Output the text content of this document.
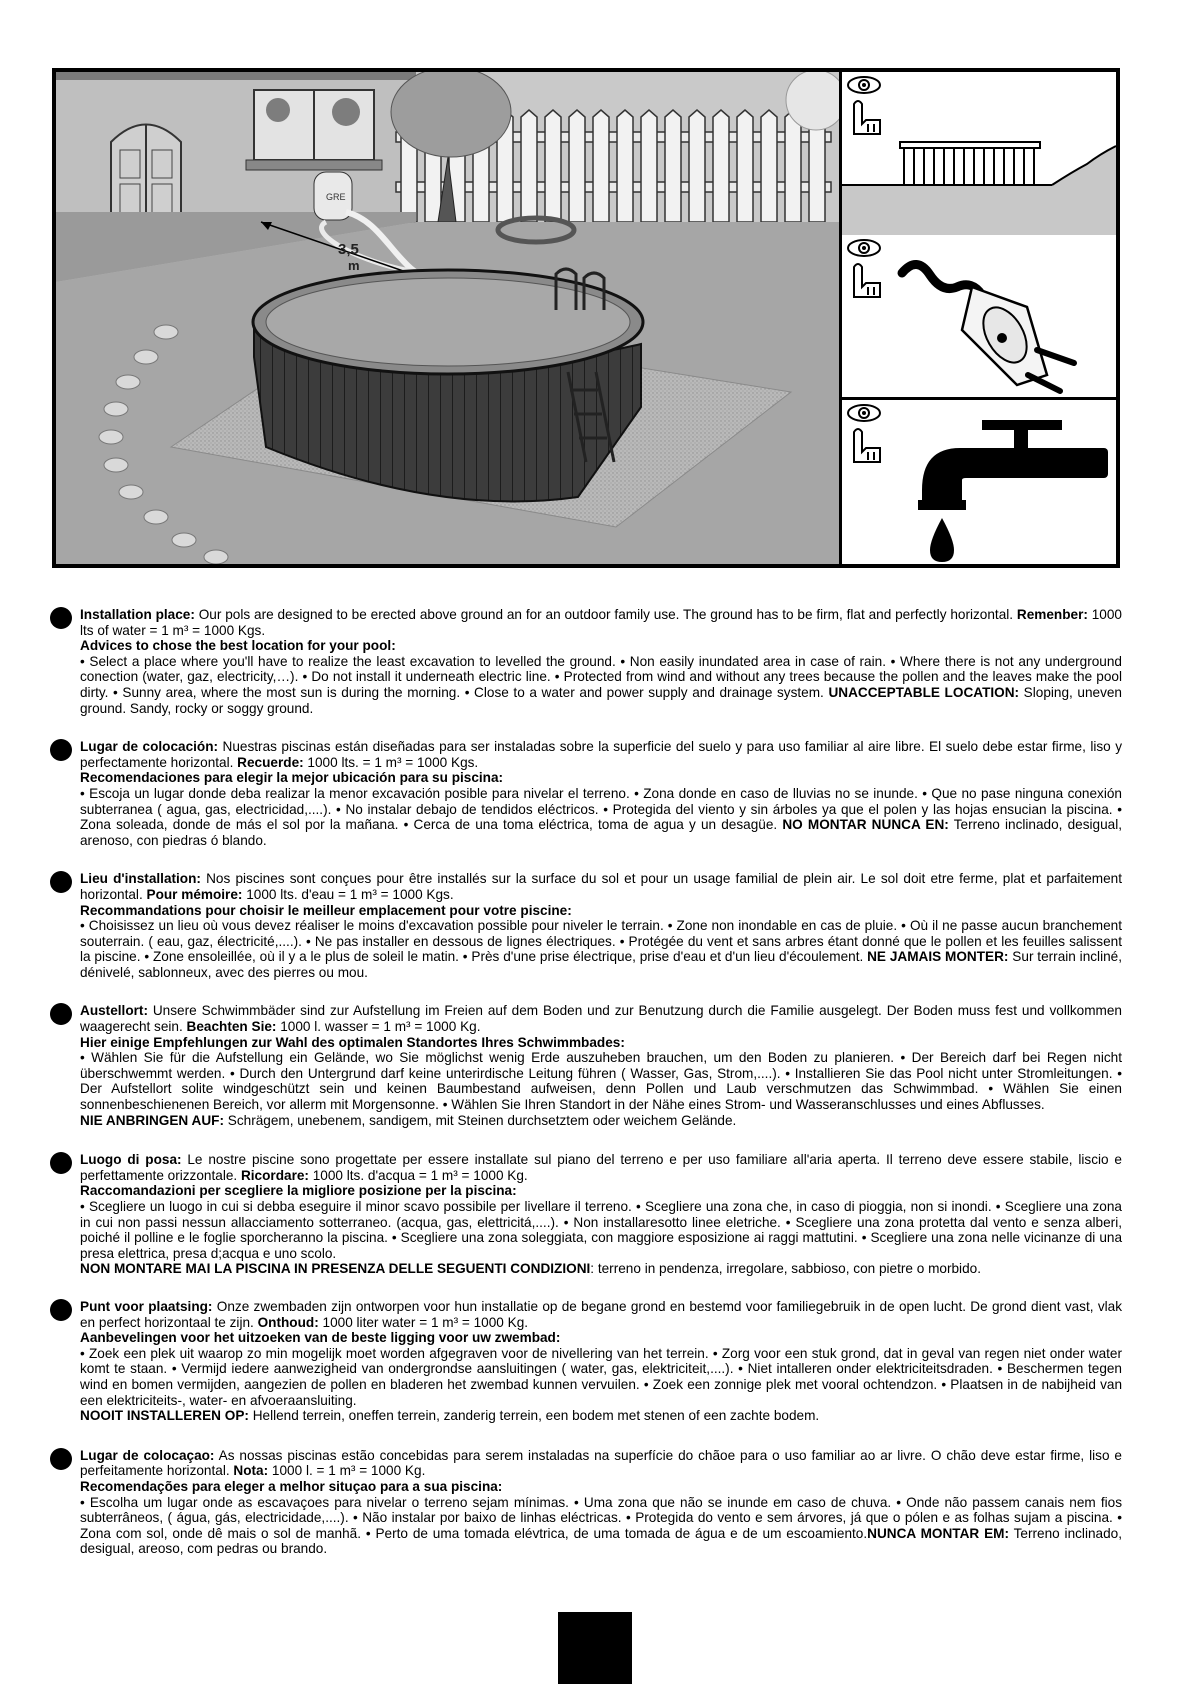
GRE
3,5
m

Installation place: Our pols are designed to be erected above ground an for an outdoor family use. The ground has to be firm, flat and perfectly horizontal. Remenber: 1000 lts of water = 1 m³ = 1000 Kgs.

Advices to chose the best location for your pool:

• Select a place where you'll have to realize the least excavation to levelled the ground. • Non easily inundated area in case of rain. • Where there is not any underground conection (water, gaz, electricity,…). • Do not install it underneath electric line. • Protected from wind and without any trees because the pollen and the leaves make the pool dirty. • Sunny area, where the most sun is during the morning. • Close to a water and power supply and drainage system. UNACCEPTABLE LOCATION: Sloping, uneven ground. Sandy, rocky or soggy ground.

Lugar de colocación: Nuestras piscinas están diseñadas para ser instaladas sobre la superficie del suelo y para uso familiar al aire libre. El suelo debe estar firme, liso y perfectamente horizontal. Recuerde: 1000 lts. = 1 m³ = 1000 Kgs.

Recomendaciones para elegir la mejor ubicación para su piscina:

• Escoja un lugar donde deba realizar la menor excavación posible para nivelar el terreno. • Zona donde en caso de lluvias no se inunde. • Que no pase ninguna conexión subterranea ( agua, gas, electricidad,....). • No instalar debajo de tendidos eléctricos. • Protegida del viento y sin árboles ya que el polen y las hojas ensucian la piscina. • Zona soleada, donde de más el sol por la mañana. • Cerca de una toma eléctrica, toma de agua y un desagüe. NO MONTAR NUNCA EN: Terreno inclinado, desigual, arenoso, con piedras ó blando.

Lieu d'installation: Nos piscines sont conçues pour être installés sur la surface du sol et pour un usage familial de plein air. Le sol doit etre ferme, plat et parfaitement horizontal. Pour mémoire: 1000 lts. d'eau = 1 m³ = 1000 Kgs.

Recommandations pour choisir le meilleur emplacement pour votre piscine:

• Choisissez un lieu où vous devez réaliser le moins d'excavation possible pour niveler le terrain. • Zone non inondable en cas de pluie. • Où il ne passe aucun branchement souterrain. ( eau, gaz, électricité,....). • Ne pas installer en dessous de lignes électriques. • Protégée du vent et sans arbres étant donné que le pollen et les feuilles salissent la piscine. • Zone ensoleillée, où il y a le plus de soleil le matin. • Près d'une prise électrique, prise d'eau et d'un lieu d'écoulement. NE JAMAIS MONTER: Sur terrain incliné, dénivelé, sablonneux, avec des pierres ou mou.

Austellort: Unsere Schwimmbäder sind zur Aufstellung im Freien auf dem Boden und zur Benutzung durch die Familie ausgelegt. Der Boden muss fest und vollkommen waagerecht sein. Beachten Sie: 1000 l. wasser = 1 m³ = 1000 Kg.

Hier einige Empfehlungen zur Wahl des optimalen Standortes Ihres Schwimmbades:

• Wählen Sie für die Aufstellung ein Gelände, wo Sie möglichst wenig Erde auszuheben brauchen, um den Boden zu planieren. • Der Bereich darf bei Regen nicht überschwemmt werden. • Durch den Untergrund darf keine unterirdische Leitung führen ( Wasser, Gas, Strom,....). • Installieren Sie das Pool nicht unter Stromleitungen. • Der Aufstellort solite windgeschützt sein und keinen Baumbestand aufweisen, denn Pollen und Laub verschmutzen das Schwimmbad. • Wählen Sie einen sonnenbeschienenen Bereich, vor allerm mit Morgensonne. • Wählen Sie Ihren Standort in der Nähe eines Strom- und Wasseranschlusses und eines Abflusses.

NIE ANBRINGEN AUF: Schrägem, unebenem, sandigem, mit Steinen durchsetztem oder weichem Gelände.

Luogo di posa: Le nostre piscine sono progettate per essere installate sul piano del terreno e per uso familiare all'aria aperta. Il terreno deve essere stabile, liscio e perfettamente orizzontale. Ricordare: 1000 lts. d'acqua = 1 m³ = 1000 Kg.

Raccomandazioni per scegliere la migliore posizione per la piscina:

• Scegliere un luogo in cui si debba eseguire il minor scavo possibile per livellare il terreno. • Scegliere una zona che, in caso di pioggia, non si inondi. • Scegliere una zona in cui non passi nessun allacciamento sotterraneo. (acqua, gas, elettricitá,....). • Non installaresotto linee eletriche. • Scegliere una zona protetta dal vento e senza alberi, poiché il polline e le foglie sporcheranno la piscina. • Scegliere una zona soleggiata, con maggiore esposizione ai raggi mattutini. • Scegliere una zona nelle vicinanze di una presa elettrica, presa d;acqua e uno scolo.

NON MONTARE MAI LA PISCINA IN PRESENZA DELLE SEGUENTI CONDIZIONI: terreno in pendenza, irregolare, sabbioso, con pietre o morbido.

Punt voor plaatsing: Onze zwembaden zijn ontworpen voor hun installatie op de begane grond en bestemd voor familiegebruik in de open lucht. De grond dient vast, vlak en perfect horizontaal te zijn. Onthoud: 1000 liter water = 1 m³ = 1000 Kg.

Aanbevelingen voor het uitzoeken van de beste ligging voor uw zwembad:

• Zoek een plek uit waarop zo min mogelijk moet worden afgegraven voor de nivellering van het terrein. • Zorg voor een stuk grond, dat in geval van regen niet onder water komt te staan. • Vermijd iedere aanwezigheid van ondergrondse aansluitingen ( water, gas, elektriciteit,....). • Niet intalleren onder elektriciteitsdraden. • Beschermen tegen wind en bomen vermijden, aangezien de pollen en bladeren het zwembad kunnen vervuilen. • Zoek een zonnige plek met vooral ochtendzon. • Plaatsen in de nabijheid van een elektriciteits-, water- en afvoeraansluiting.

NOOIT INSTALLEREN OP: Hellend terrein, oneffen terrein, zanderig terrein, een bodem met stenen of een zachte bodem.

Lugar de colocaçao: As nossas piscinas estão concebidas para serem instaladas na superfície do chãoe para o uso familiar ao ar livre. O chão deve estar firme, liso e perfeitamente horizontal. Nota: 1000 l. = 1 m³ = 1000 Kg.

Recomendações para eleger a melhor situçao para a sua piscina:

• Escolha um lugar onde as escavaçoes para nivelar o terreno sejam mínimas. • Uma zona que não se inunde em caso de chuva. • Onde não passem canais nem fios subterrâneos, ( água, gás, electricidade,....). • Não instalar por baixo de linhas eléctricas. • Protegida do vento e sem árvores, já que o pólen e as folhas sujam a piscina. • Zona com sol, onde dê mais o sol de manhã. • Perto de uma tomada elévtrica, de uma tomada de água e de um escoamiento.NUNCA MONTAR EM: Terreno inclinado, desigual, areoso, com pedras ou brando.
